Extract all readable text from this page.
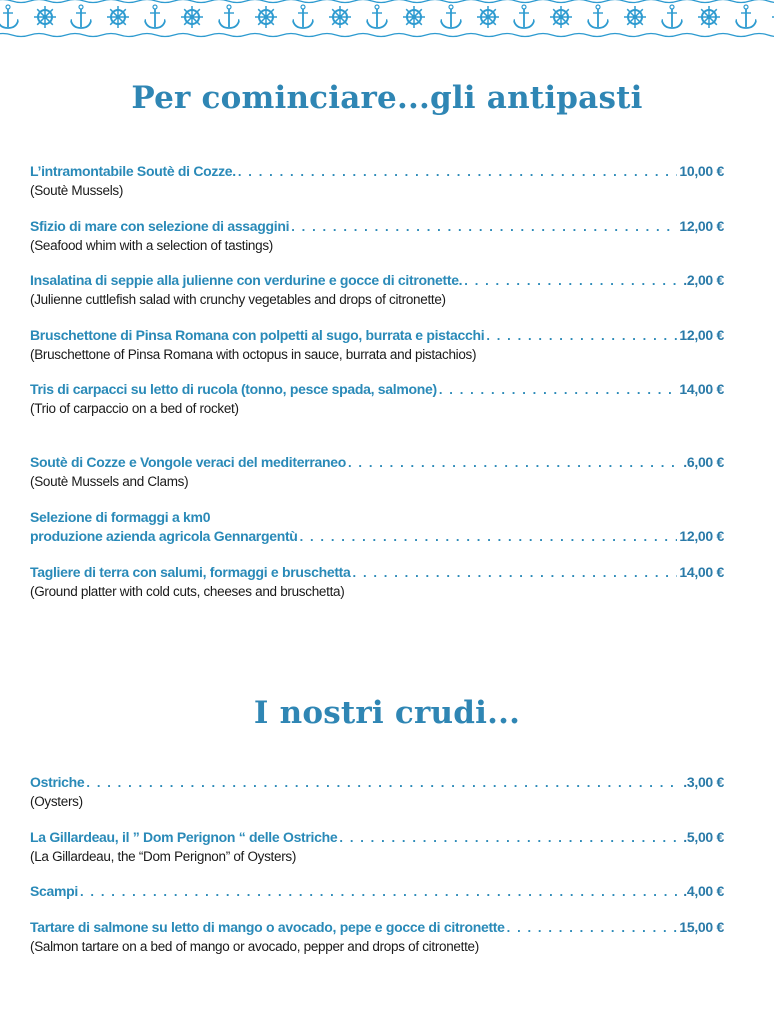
Per cominciare...gli antipasti
L’intramontabile Soutè di Cozze. . . .	10,00 €
(Soutè Mussels)
Sfizio di mare con selezione di assaggini . . .	12,00 €
(Seafood whim with a selection of tastings)
Insalatina di seppie alla julienne con verdurine e gocce di citronette. . . .	.2,00 €
(Julienne cuttlefish salad with crunchy vegetables and drops of citronette)
Bruschettone di Pinsa Romana con polpetti al sugo, burrata e pistacchi . . .	12,00 €
(Bruschettone of Pinsa Romana with octopus in sauce, burrata and pistachios)
Tris di carpacci su letto di rucola (tonno, pesce spada, salmone) . . .	14,00 €
(Trio of carpaccio on a bed of rocket)
Soutè di Cozze e Vongole veraci del mediterraneo . . .	.6,00 €
(Soutè Mussels and Clams)
Selezione di formaggi a km0
produzione azienda agricola Gennargentù . . .	12,00 €
Tagliere di terra con salumi, formaggi e bruschetta . . .	14,00 €
(Ground platter with cold cuts, cheeses and bruschetta)
I nostri crudi...
Ostriche . . .	.3,00 €
(Oysters)
La Gillardeau, il ” Dom Perignon “ delle Ostriche . . .	.5,00 €
(La Gillardeau, the “Dom Perignon” of Oysters)
Scampi . . .	.4,00 €
Tartare di salmone su letto di mango o avocado, pepe e gocce di citronette . . .	15,00 €
(Salmon tartare on a bed of mango or avocado, pepper and drops of citronette)
